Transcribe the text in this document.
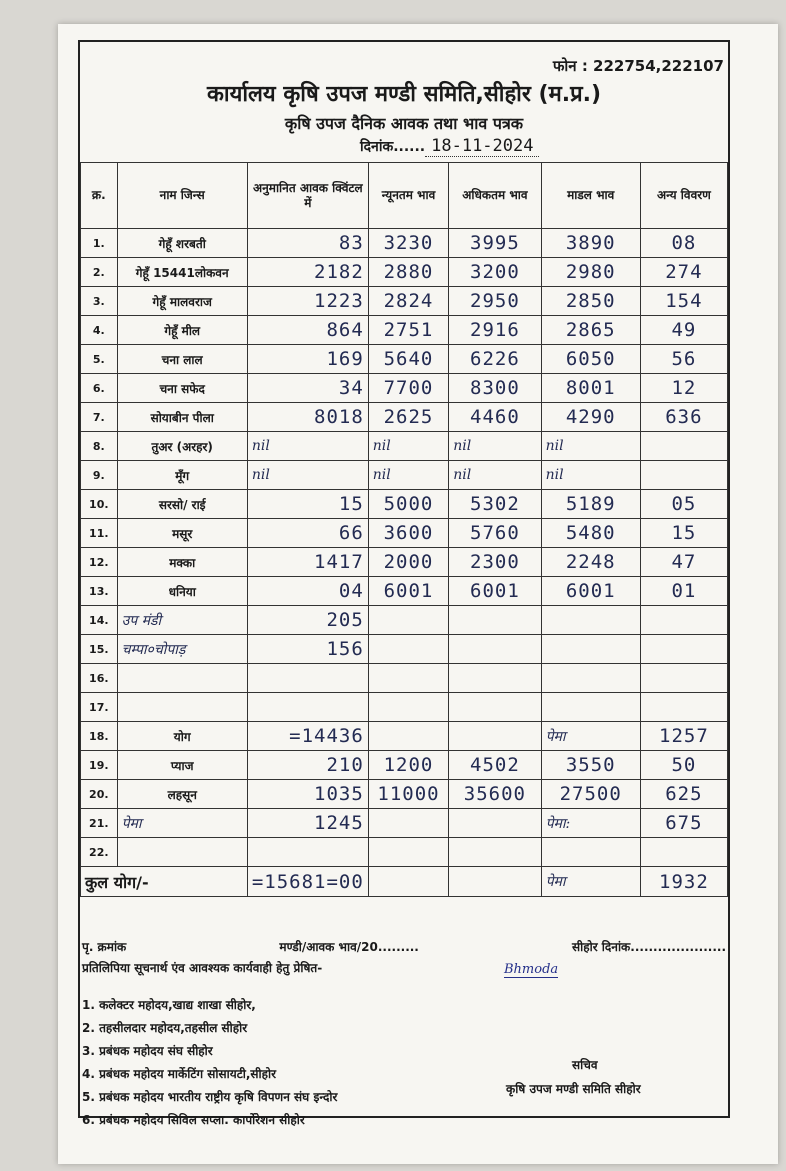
फोन : 222754,222107
कार्यालय कृषि उपज मण्डी समिति,सीहोर (म.प्र.)
कृषि उपज दैनिक आवक तथा भाव पत्रक
दिनांक...... 18-11-2024
क्र.	नाम जिन्स	अनुमानित आवक क्विंटल में	न्यूनतम भाव	अधिकतम भाव	माडल भाव	अन्य विवरण
1.	गेहूँ शरबती	83	3230	3995	3890	08
2.	गेहूँ 15441लोकवन	2182	2880	3200	2980	274
3.	गेहूँ मालवराज	1223	2824	2950	2850	154
4.	गेहूँ मील	864	2751	2916	2865	49
5.	चना लाल	169	5640	6226	6050	56
6.	चना सफेद	34	7700	8300	8001	12
7.	सोयाबीन पीला	8018	2625	4460	4290	636
8.	तुअर (अरहर)	nil	nil	nil	nil	
9.	मूँग	nil	nil	nil	nil	
10.	सरसो/ राई	15	5000	5302	5189	05
11.	मसूर	66	3600	5760	5480	15
12.	मक्का	1417	2000	2300	2248	47
13.	धनिया	04	6001	6001	6001	01
14.	उप मंडी	205				
15.	चम्पा०चोपाड़	156				
16.						
17.						
18.	योग	=14436			पेमा	1257
19.	प्याज	210	1200	4502	3550	50
20.	लहसून	1035	11000	35600	27500	625
21.	पेमा	1245			पेमा:	675
22.						
कुल योग/-		=15681=00			पेमा	1932
पृ. क्रमांक	मण्डी/आवक भाव/20.........	सीहोर दिनांक.....................
प्रतिलिपिया सूचनार्थ एंव आवश्यक कार्यवाही हेतु प्रेषित-
1. कलेक्टर महोदय,खाद्य शाखा सीहोर,
2. तहसीलदार महोदय,तहसील सीहोर
3. प्रबंधक महोदय संघ सीहोर
4. प्रबंधक महोदय मार्केटिंग सोसायटी,सीहोर
5. प्रबंधक महोदय भारतीय राष्ट्रीय कृषि विपणन संघ इन्दोर
6. प्रबंधक महोदय सिविल सप्ला. कार्पोरेशन सीहोर
Bhmoda
सचिव
कृषि उपज मण्डी समिति सीहोर
